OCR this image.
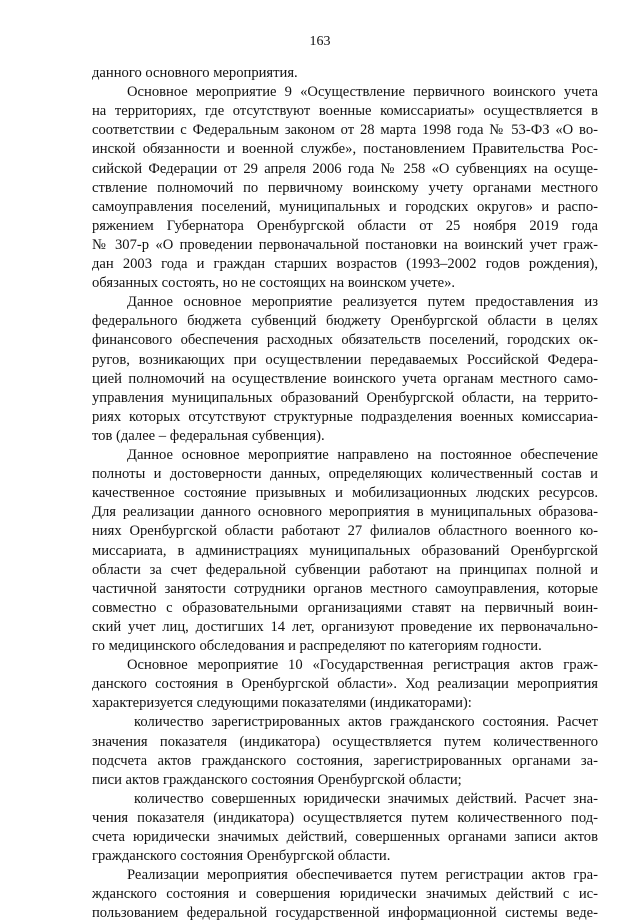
163
данного основного мероприятия.
Основное мероприятие 9 «Осуществление первичного воинского учета
на территориях, где отсутствуют военные комиссариаты» осуществляется в
соответствии с Федеральным законом от 28 марта 1998 года № 53-ФЗ «О во-
инской обязанности и военной службе», постановлением Правительства Рос-
сийской Федерации от 29 апреля 2006 года № 258 «О субвенциях на осуще-
ствление полномочий по первичному воинскому учету органами местного
самоуправления поселений, муниципальных и городских округов» и распо-
ряжением Губернатора Оренбургской области от 25 ноября 2019 года
№ 307-р «О проведении первоначальной постановки на воинский учет граж-
дан 2003 года и граждан старших возрастов (1993–2002 годов рождения),
обязанных состоять, но не состоящих на воинском учете».
Данное основное мероприятие реализуется путем предоставления из
федерального бюджета субвенций бюджету Оренбургской области в целях
финансового обеспечения расходных обязательств поселений, городских ок-
ругов, возникающих при осуществлении передаваемых Российской Федера-
цией полномочий на осуществление воинского учета органам местного само-
управления муниципальных образований Оренбургской области, на террито-
риях которых отсутствуют структурные подразделения военных комиссариа-
тов (далее – федеральная субвенция).
Данное основное мероприятие направлено на постоянное обеспечение
полноты и достоверности данных, определяющих количественный состав и
качественное состояние призывных и мобилизационных людских ресурсов.
Для реализации данного основного мероприятия в муниципальных образова-
ниях Оренбургской области работают 27 филиалов областного военного ко-
миссариата, в администрациях муниципальных образований Оренбургской
области за счет федеральной субвенции работают на принципах полной и
частичной занятости сотрудники органов местного самоуправления, которые
совместно с образовательными организациями ставят на первичный воин-
ский учет лиц, достигших 14 лет, организуют проведение их первоначально-
го медицинского обследования и распределяют по категориям годности.
Основное мероприятие 10 «Государственная регистрация актов граж-
данского состояния в Оренбургской области». Ход реализации мероприятия
характеризуется следующими показателями (индикаторами):
количество зарегистрированных актов гражданского состояния. Расчет
значения показателя (индикатора) осуществляется путем количественного
подсчета актов гражданского состояния, зарегистрированных органами за-
писи актов гражданского состояния Оренбургской области;
количество совершенных юридически значимых действий. Расчет зна-
чения показателя (индикатора) осуществляется путем количественного под-
счета юридически значимых действий, совершенных органами записи актов
гражданского состояния Оренбургской области.
Реализации мероприятия обеспечивается путем регистрации актов гра-
жданского состояния и совершения юридически значимых действий с ис-
пользованием федеральной государственной информационной системы веде-
